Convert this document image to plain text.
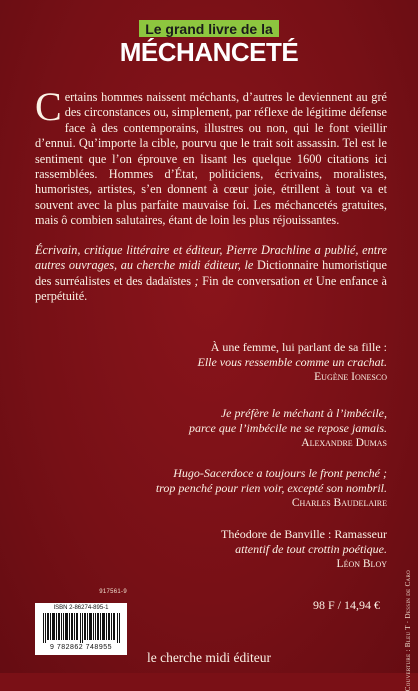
Le grand livre de la
MÉCHANCETÉ
Certains hommes naissent méchants, d’autres le deviennent au gré des circonstances ou, simplement, par réflexe de légitime défense face à des contemporains, illustres ou non, qui le font vieillir d’ennui. Qu’importe la cible, pourvu que le trait soit assassin. Tel est le sentiment que l’on éprouve en lisant les quelque 1600 citations ici rassemblées. Hommes d’État, politiciens, écrivains, moralistes, humoristes, artistes, s’en donnent à cœur joie, étrillent à tout va et souvent avec la plus parfaite mauvaise foi. Les méchancetés gratuites, mais ô combien salutaires, étant de loin les plus réjouissantes.
Écrivain, critique littéraire et éditeur, Pierre Drachline a publié, entre autres ouvrages, au cherche midi éditeur, le Dictionnaire humoristique des surréalistes et des dadaïstes ; Fin de conversation et Une enfance à perpétuité.
À une femme, lui parlant de sa fille :
Elle vous ressemble comme un crachat.
Eugène Ionesco
Je préfère le méchant à l’imbécile,
parce que l’imbécile ne se repose jamais.
Alexandre Dumas
Hugo-Sacerdoce a toujours le front penché ;
trop penché pour rien voir, excepté son nombril.
Charles Baudelaire
Théodore de Banville : Ramasseur
attentif de tout crottin poétique.
Léon Bloy
917561-9
ISBN 2-86274-895-1
9 782862 748955
98 F / 14,94 €
le cherche midi éditeur	Couverture : Bleu T · Dessin de Caro
